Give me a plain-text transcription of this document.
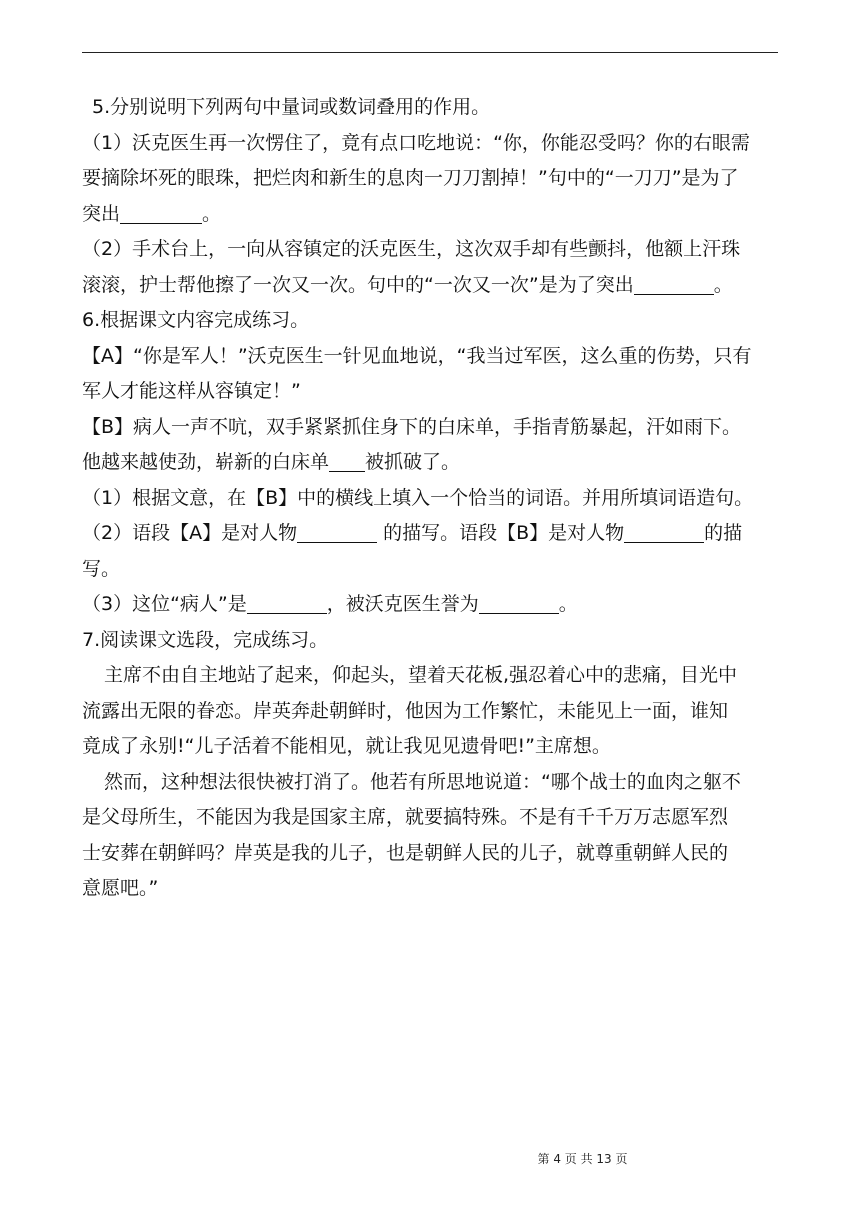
5.分别说明下列两句中量词或数词叠用的作用。
（1）沃克医生再一次愣住了，竟有点口吃地说：“你，你能忍受吗？你的右眼需
要摘除坏死的眼珠，把烂肉和新生的息肉一刀刀割掉！”句中的“一刀刀”是为了
突出	。
（2）手术台上，一向从容镇定的沃克医生，这次双手却有些颤抖，他额上汗珠
滚滚，护士帮他擦了一次又一次。句中的“一次又一次”是为了突出	。
6.根据课文内容完成练习。
【A】“你是军人！”沃克医生一针见血地说，“我当过军医，这么重的伤势，只有
军人才能这样从容镇定！”
【B】病人一声不吭，双手紧紧抓住身下的白床单，手指青筋暴起，汗如雨下。
他越来越使劲，崭新的白床单 被抓破了。
（1）根据文意，在【B】中的横线上填入一个恰当的词语。并用所填词语造句。
（2）语段【A】是对人物	的描写。语段【B】是对人物	的描
写。
（3）这位“病人”是	，被沃克医生誉为	。
7.阅读课文选段，完成练习。
主席不由自主地站了起来，仰起头，望着天花板,强忍着心中的悲痛，目光中
流露出无限的眷恋。岸英奔赴朝鲜时，他因为工作繁忙，未能见上一面，谁知
竟成了永别!“儿子活着不能相见，就让我见见遗骨吧!”主席想。
然而，这种想法很快被打消了。他若有所思地说道：“哪个战士的血肉之躯不
是父母所生，不能因为我是国家主席，就要搞特殊。不是有千千万万志愿军烈
士安葬在朝鲜吗？岸英是我的儿子，也是朝鲜人民的儿子，就尊重朝鲜人民的
意愿吧。”
第 4 页 共 13 页
